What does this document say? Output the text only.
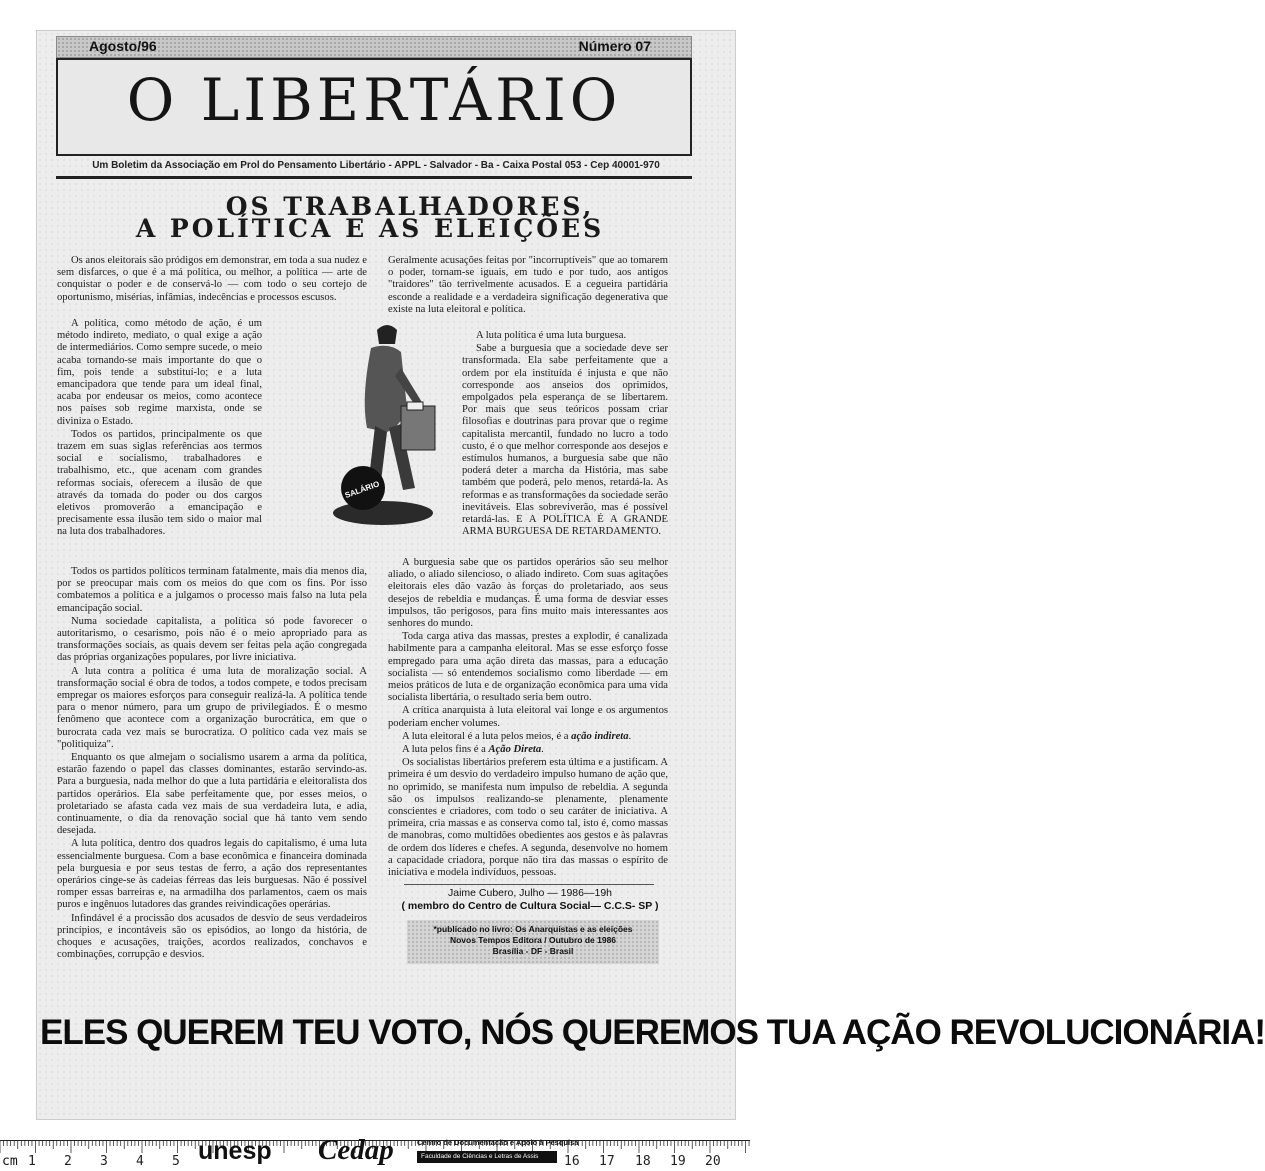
Agosto/96	Número 07
O LIBERTÁRIO
Um Boletim da Associação em Prol do Pensamento Libertário - APPL - Salvador - Ba - Caixa Postal 053 - Cep 40001-970
OS TRABALHADORES,
A POLÍTICA E AS ELEIÇÕES

Os anos eleitorais são pródigos em demonstrar, em toda a sua nudez e sem disfarces, o que é a má política, ou melhor, a política — arte de conquistar o poder e de conservá-lo — com todo o seu cortejo de oportunismo, misérias, infâmias, indecências e processos escusos.

A política, como método de ação, é um método indireto, mediato, o qual exige a ação de intermediários. Como sempre sucede, o meio acaba tornando-se mais importante do que o fim, pois tende a substituí-lo; e a luta emancipadora que tende para um ideal final, acaba por endeusar os meios, como acontece nos países sob regime marxista, onde se diviniza o Estado.

Todos os partidos, principalmente os que trazem em suas siglas referências aos termos social e socialismo, trabalhadores e trabalhismo, etc., que acenam com grandes reformas sociais, oferecem a ilusão de que através da tomada do poder ou dos cargos eletivos promoverão a emancipação e precisamente essa ilusão tem sido o maior mal na luta dos trabalhadores.

Todos os partidos políticos terminam fatalmente, mais dia menos dia, por se preocupar mais com os meios do que com os fins. Por isso combatemos a política e a julgamos o processo mais falso na luta pela emancipação social.

Numa sociedade capitalista, a política só pode favorecer o autoritarismo, o cesarismo, pois não é o meio apropriado para as transformações sociais, as quais devem ser feitas pela ação congregada das próprias organizações populares, por livre iniciativa.

A luta contra a política é uma luta de moralização social. A transformação social é obra de todos, a todos compete, e todos precisam empregar os maiores esforços para conseguir realizá-la. A política tende para o menor número, para um grupo de privilegiados. É o mesmo fenômeno que acontece com a organização burocrática, em que o burocrata cada vez mais se burocratiza. O político cada vez mais se "politiquiza".

Enquanto os que almejam o socialismo usarem a arma da política, estarão fazendo o papel das classes dominantes, estarão servindo-as. Para a burguesia, nada melhor do que a luta partidária e eleitoralista dos partidos operários. Ela sabe perfeitamente que, por esses meios, o proletariado se afasta cada vez mais de sua verdadeira luta, e adia, continuamente, o dia da renovação social que há tanto vem sendo desejada.

A luta política, dentro dos quadros legais do capitalismo, é uma luta essencialmente burguesa. Com a base econômica e financeira dominada pela burguesia e por seus testas de ferro, a ação dos representantes operários cinge-se às cadeias férreas das leis burguesas. Não é possível romper essas barreiras e, na armadilha dos parlamentos, caem os mais puros e ingênuos lutadores das grandes reivindicações operárias.

Infindável é a procissão dos acusados de desvio de seus verdadeiros princípios, e incontáveis são os episódios, ao longo da história, de choques e acusações, traições, acordos realizados, conchavos e combinações, corrupção e desvios.

SALÁRIO

Geralmente acusações feitas por "incorruptíveis" que ao tomarem o poder, tornam-se iguais, em tudo e por tudo, aos antigos "traidores" tão terrivelmente acusados. E a cegueira partidária esconde a realidade e a verdadeira significação degenerativa que existe na luta eleitoral e política.

A luta política é uma luta burguesa.

Sabe a burguesia que a sociedade deve ser transformada. Ela sabe perfeitamente que a ordem por ela instituída é injusta e que não corresponde aos anseios dos oprimidos, empolgados pela esperança de se libertarem. Por mais que seus teóricos possam criar filosofias e doutrinas para provar que o regime capitalista mercantil, fundado no lucro a todo custo, é o que melhor corresponde aos desejos e estímulos humanos, a burguesia sabe que não poderá deter a marcha da História, mas sabe também que poderá, pelo menos, retardá-la. As reformas e as transformações da sociedade serão inevitáveis. Elas sobreviverão, mas é possível retardá-las. E A POLÍTICA É A GRANDE ARMA BURGUESA DE RETARDAMENTO.

A burguesia sabe que os partidos operários são seu melhor aliado, o aliado silencioso, o aliado indireto. Com suas agitações eleitorais eles dão vazão às forças do proletariado, aos seus desejos de rebeldia e mudanças. É uma forma de desviar esses impulsos, tão perigosos, para fins muito mais interessantes aos senhores do mundo.

Toda carga ativa das massas, prestes a explodir, é canalizada habilmente para a campanha eleitoral. Mas se esse esforço fosse empregado para uma ação direta das massas, para a educação socialista — só entendemos socialismo como liberdade — em meios práticos de luta e de organização econômica para uma vida socialista libertária, o resultado seria bem outro.

A crítica anarquista à luta eleitoral vai longe e os argumentos poderiam encher volumes.

A luta eleitoral é a luta pelos meios, é a ação indireta.

A luta pelos fins é a Ação Direta.

Os socialistas libertários preferem esta última e a justificam. A primeira é um desvio do verdadeiro impulso humano de ação que, no oprimido, se manifesta num impulso de rebeldia. A segunda são os impulsos realizando-se plenamente, plenamente conscientes e criadores, com todo o seu caráter de iniciativa. A primeira, cria massas e as conserva como tal, isto é, como massas de manobras, como multidões obedientes aos gestos e às palavras de ordem dos líderes e chefes. A segunda, desenvolve no homem a capacidade criadora, porque não tira das massas o espírito de iniciativa e modela indivíduos, pessoas.

Jaime Cubero, Julho — 1986—19h
( membro do Centro de Cultura Social— C.C.S- SP )
*publicado no livro: Os Anarquistas e as eleições
Novos Tempos Editora / Outubro de 1986
Brasília - DF - Brasil
ELES QUEREM TEU VOTO, NÓS QUEREMOS TUA AÇÃO REVOLUCIONÁRIA!
cm 1 2 3 4 5	16 17 18 19 20
unesp Cedap	Centro de Documentação e Apoio à Pesquisa
Faculdade de Ciências e Letras de Assis
